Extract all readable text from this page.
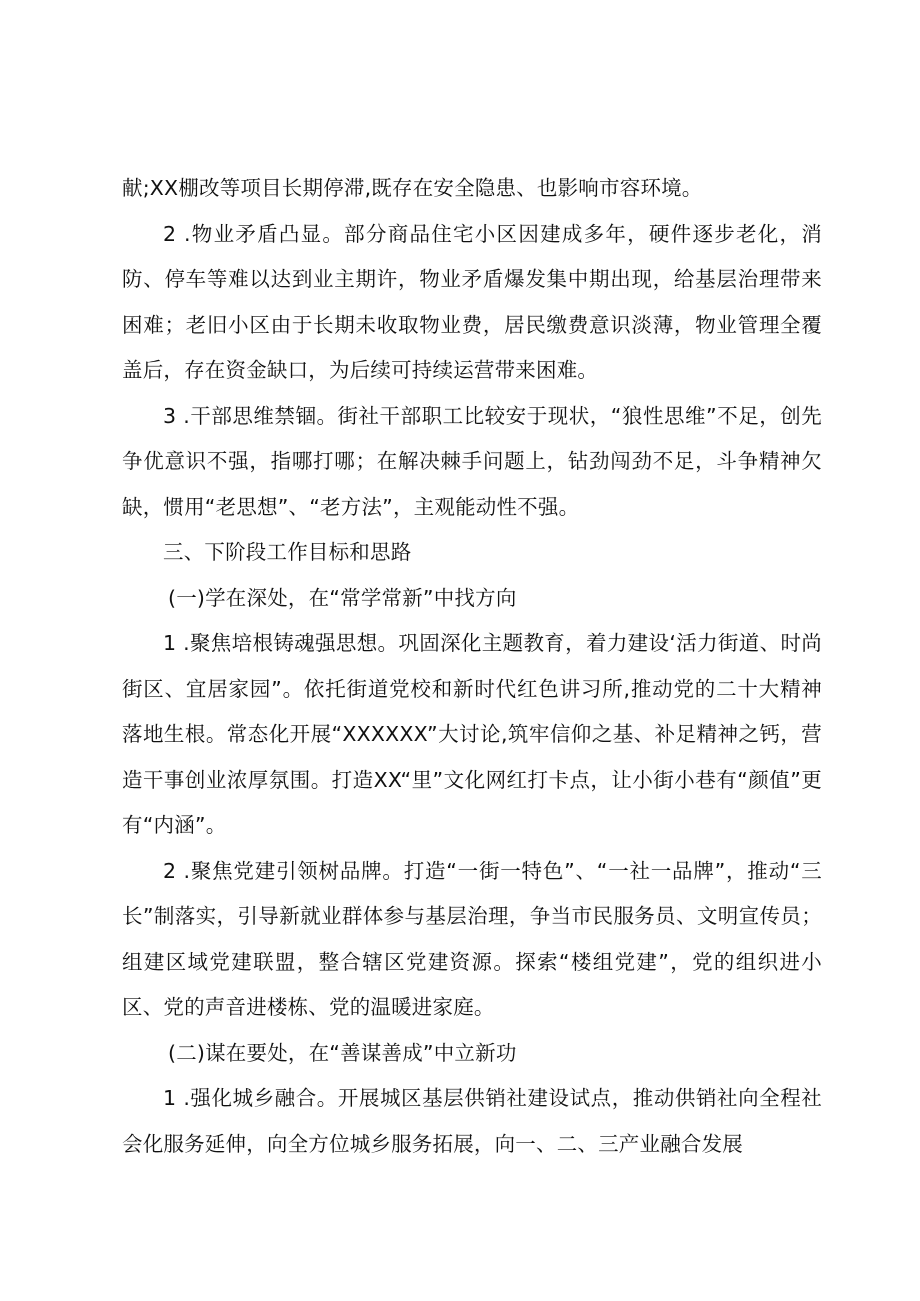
献;XX棚改等项目长期停滞,既存在安全隐患、也影响市容环境。

2 .物业矛盾凸显。部分商品住宅小区因建成多年，硬件逐步老化，消防、停车等难以达到业主期许，物业矛盾爆发集中期出现，给基层治理带来困难；老旧小区由于长期未收取物业费，居民缴费意识淡薄，物业管理全覆盖后，存在资金缺口，为后续可持续运营带来困难。

3 .干部思维禁锢。街社干部职工比较安于现状，“狼性思维”不足，创先争优意识不强，指哪打哪；在解决棘手问题上，钻劲闯劲不足，斗争精神欠缺，惯用“老思想”、“老方法”，主观能动性不强。

三、下阶段工作目标和思路

(一)学在深处，在“常学常新”中找方向

1 .聚焦培根铸魂强思想。巩固深化主题教育，着力建设‘活力街道、时尚街区、宜居家园”。依托街道党校和新时代红色讲习所,推动党的二十大精神落地生根。常态化开展“XXXXXX”大讨论,筑牢信仰之基、补足精神之钙，营造干事创业浓厚氛围。打造XX“里”文化网红打卡点，让小街小巷有“颜值”更有“内涵”。

2 .聚焦党建引领树品牌。打造“一街一特色”、“一社一品牌”，推动“三长”制落实，引导新就业群体参与基层治理，争当市民服务员、文明宣传员；组建区域党建联盟，整合辖区党建资源。探索“楼组党建”，党的组织进小区、党的声音进楼栋、党的温暖进家庭。

(二)谋在要处，在“善谋善成”中立新功

1 .强化城乡融合。开展城区基层供销社建设试点，推动供销社向全程社会化服务延伸，向全方位城乡服务拓展，向一、二、三产业融合发展
